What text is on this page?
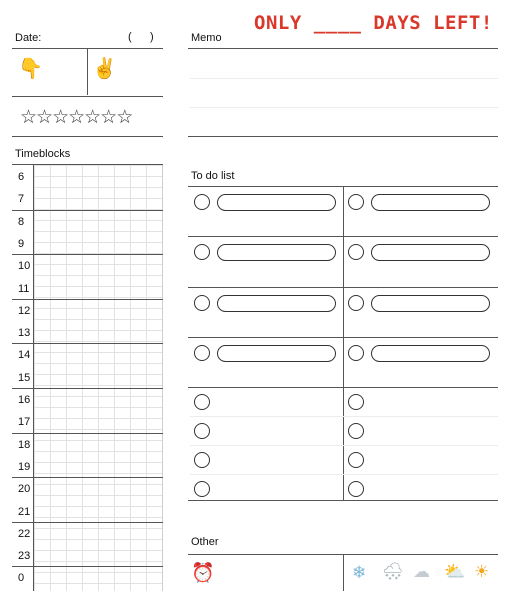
ONLY ____ DAYS LEFT!
Date:	(      )
👇 ✌
☆☆☆☆☆☆☆
Memo
Timeblocks
6
7
8
9
10
11
12
13
14
15
16
17
18
19
20
21
22
23
0
To do list
Other
⏰	❄ 🌨 ☁ ⛅ ☀
